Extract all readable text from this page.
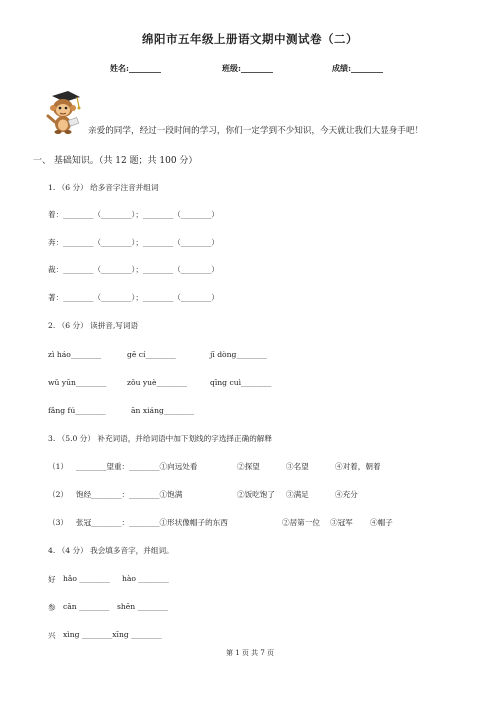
绵阳市五年级上册语文期中测试卷（二）
姓名:________	班级:________	成绩:________
亲爱的同学，经过一段时间的学习，你们一定学到不少知识，今天就让我们大显身手吧！
一、 基础知识。（共 12 题；共 100 分）
1. （6 分） 给多音字注音并组词
着：________（________）；________（________）
奔：________（________）；________（________）
裁：________（________）；________（________）
著：________（________）；________（________）
2. （6 分） 读拼音,写词语
zì háo________	gē cí________	jī dòng________
wǔ yūn________	zǒu yuè________	qīng cuì________
fǎng fú________	ān xiáng________
3. （5.0 分） 补充词语，并给词语中加下划线的字选择正确的解释
（1） ________望重：________①向远处看	②探望	③名望	④对着，朝着
（2） 饱经________：________①饱满	②饭吃饱了 ③满足	④充分
（3） 张冠________：________①形状像帽子的东西	②居第一位 ③冠军 ④帽子
4. （4 分） 我会填多音字，并组词。
好 hǎo ________ hào ________
参 cān ________ shēn ________
兴 xìng ________xīng ________
第 1 页 共 7 页
